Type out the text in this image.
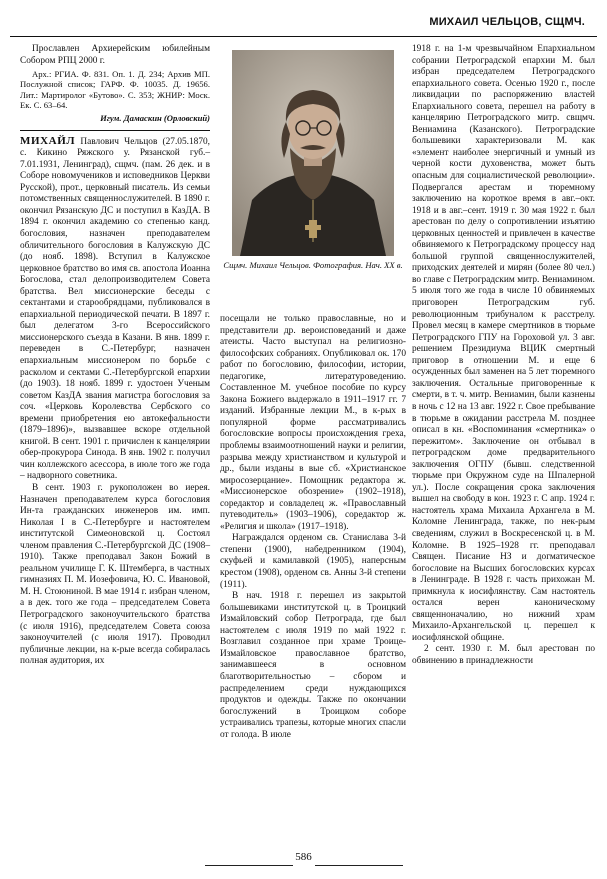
МИХАИЛ ЧЕЛЬЦОВ, СЩМЧ.

Прославлен Архиерейским юбилейным Собором РПЦ 2000 г.

Арх.: РГИА. Ф. 831. Оп. 1. Д. 234; Архив МП. Послужной список; ГАРФ. Ф. 10035. Д. 19656. Лит.: Мартиролог «Бутово». С. 353; ЖНИР: Моск. Ек. С. 63–64.

Игум. Дамаскин (Орловский)

МИХАЙЛ Павлович Чельцов (27.05.1870, с. Кикино Ряжского у. Рязанской губ.– 7.01.1931, Ленинград), сщмч. (пам. 26 дек. и в Соборе новомучеников и исповедников Церкви Русской), прот., церковный писатель. Из семьи потомственных священнослужителей. В 1890 г. окончил Рязанскую ДС и поступил в КазДА. В 1894 г. окончил академию со степенью канд. богословия, назначен преподавателем обличительного богословия в Калужскую ДС (до нояб. 1898). Вступил в Калужское церковное братство во имя св. апостола Иоанна Богослова, стал делопроизводителем Совета братства. Вел миссионерские беседы с сектантами и старообрядцами, публиковался в епархиальной периодической печати. В 1897 г. был делегатом 3-го Всероссийского миссионерского съезда в Казани. В янв. 1899 г. переведен в С.-Петербург, назначен епархиальным миссионером по борьбе с расколом и сектами С.-Петербургской епархии (до 1903). 18 нояб. 1899 г. удостоен Ученым советом КазДА звания магистра богословия за соч. «Церковь Королевства Сербского со времени приобретения ею автокефальности (1879–1896)», вызвавшее вскоре отдельной книгой. В сент. 1901 г. причислен к канцелярии обер-прокурора Синода. В янв. 1902 г. получил чин коллежского асессора, в июле того же года – надворного советника.

В сент. 1903 г. рукоположен во иерея. Назначен преподавателем курса богословия Ин-та гражданских инженеров им. имп. Николая I в С.-Петербурге и настоятелем институтской Симеоновской ц. Состоял членом правления С.-Петербургской ДС (1908–1910). Также преподавал Закон Божий в реальном училище Г. К. Штемберга, в частных гимназиях П. М. Иозефовича, Ю. С. Ивановой, М. Н. Стоюниной. В мае 1914 г. избран членом, а в дек. того же года – председателем Совета Петроградского законоучительского братства (с июля 1916), председателем Совета союза законоучителей (с июля 1917). Проводил публичные лекции, на к-рые всегда собиралась полная аудитория, их

Сщмч. Михаил Чельцов. Фотография. Нач. XX в.

посещали не только православные, но и представители др. вероисповеданий и даже атеисты. Часто выступал на религиозно-философских собраниях. Опубликовал ок. 170 работ по богословию, философии, истории, педагогике, литературоведению. Составленное М. учебное пособие по курсу Закона Божиего выдержало в 1911–1917 гг. 7 изданий. Избранные лекции М., в к-рых в популярной форме рассматривались богословские вопросы происхождения греха, проблемы взаимоотношений науки и религии, разрыва между христианством и культурой и др., были изданы в вые сб. «Христианское миросозерцание». Помощник редактора ж. «Миссионерское обозрение» (1902–1918), соредактор и совладелец ж. «Православный путеводитель» (1903–1906), соредактор ж. «Религия и школа» (1917–1918).

Награждался орденом св. Станислава 3-й степени (1900), набедренником (1904), скуфьей и камилавкой (1905), наперсным крестом (1908), орденом св. Анны 3-й степени (1911).

В нач. 1918 г. перешел из закрытой большевиками институтской ц. в Троицкий Измайловский собор Петрограда, где был настоятелем с июля 1919 по май 1922 г. Возглавил созданное при храме Троице-Измайловское православное братство, занимавшееся в основном благотворительностью – сбором и распределением среди нуждающихся продуктов и одежды. Также по окончании богослужений в Троицком соборе устраивались трапезы, которые многих спасли от голода. В июле

1918 г. на 1-м чрезвычайном Епархиальном собрании Петроградской епархии М. был избран председателем Петроградского епархиального совета. Осенью 1920 г., после ликвидации по распоряжению властей Епархиального совета, перешел на работу в канцелярию Петроградского митр. свщмч. Вениамина (Казанского). Петроградские большевики характеризовали М. как «элемент наиболее энергичный и умный из черной кости духовенства, может быть опасным для социалистической революции». Подвергался арестам и тюремному заключению на короткое время в авг.–окт. 1918 и в авг.–сент. 1919 г. 30 мая 1922 г. был арестован по делу о сопротивлении изъятию церковных ценностей и привлечен в качестве обвиняемого к Петроградскому процессу над большой группой священнослужителей, приходских деятелей и мирян (более 80 чел.) во главе с Петроградским митр. Вениамином. 5 июля того же года в числе 10 обвиняемых приговорен Петроградским губ. революционным трибуналом к расстрелу. Провел месяц в камере смертников в тюрьме Петроградского ГПУ на Гороховой ул. 3 авг. решением Президиума ВЦИК смертный приговор в отношении М. и еще 6 осужденных был заменен на 5 лет тюремного заключения. Остальные приговоренные к смерти, в т. ч. митр. Вениамин, были казнены в ночь с 12 на 13 авг. 1922 г. Свое пребывание в тюрьме в ожидании расстрела М. позднее описал в кн. «Воспоминания «смертника» о пережитом». Заключение он отбывал в петроградском доме предварительного заключения ОГПУ (бывш. следственной тюрьме при Окружном суде на Шпалерной ул.). После сокращения срока заключения вышел на свободу в кон. 1923 г. С апр. 1924 г. настоятель храма Михаила Архангела в М. Коломне Ленинграда, также, по нек-рым сведениям, служил в Воскресенской ц. в М. Коломне. В 1925–1928 гг. преподавал Священ. Писание НЗ и догматическое богословие на Высших богословских курсах в Ленинграде. В 1928 г. часть прихожан М. примкнула к иосифлянству. Сам настоятель остался верен каноническому священноначалию, но нижний храм Михаило-Архангельской ц. перешел к иосифлянской общине.

2 сент. 1930 г. М. был арестован по обвинению в принадлежности

586
